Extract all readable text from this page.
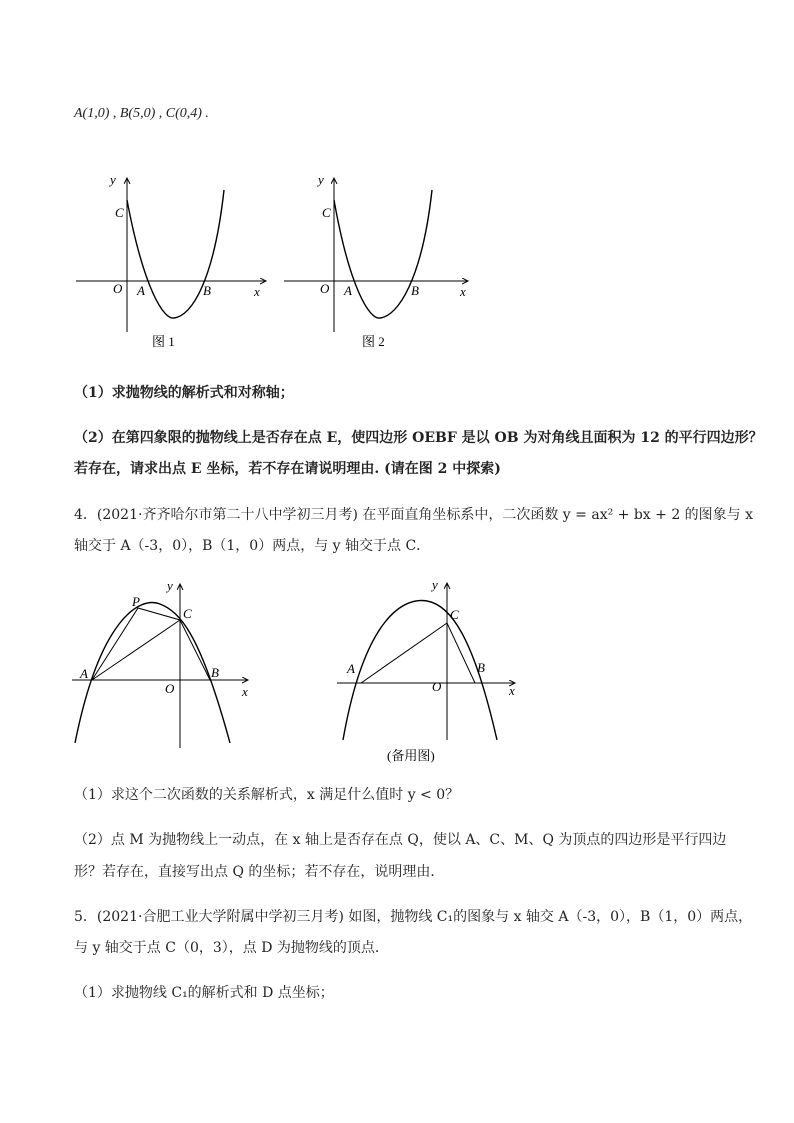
A(1,0) , B(5,0) , C(0,4) .
y
C
O A	B	x
图 1
y
C
O A	B	x
图 2
（1）求抛物线的解析式和对称轴；
（2）在第四象限的抛物线上是否存在点 E，使四边形 OEBF 是以 OB 为对角线且面积为 12 的平行四边形？
若存在，请求出点 E 坐标，若不存在请说明理由. (请在图 2 中探索)
4．(2021·齐齐哈尔市第二十八中学初三月考) 在平面直角坐标系中，二次函数 y = ax² + bx + 2 的图象与 x
轴交于 A（-3，0），B（1，0）两点，与 y 轴交于点 C．
A
P
C
B
O	x
y
A
C
B
O	x
y
(备用图)
（1）求这个二次函数的关系解析式，x 满足什么值时 y < 0？
（2）点 M 为抛物线上一动点，在 x 轴上是否存在点 Q，使以 A、C、M、Q 为顶点的四边形是平行四边
形？若存在，直接写出点 Q 的坐标；若不存在，说明理由．
5．(2021·合肥工业大学附属中学初三月考) 如图，抛物线 C₁的图象与 x 轴交 A（-3，0），B（1，0）两点，
与 y 轴交于点 C（0，3），点 D 为抛物线的顶点．
（1）求抛物线 C₁的解析式和 D 点坐标；
